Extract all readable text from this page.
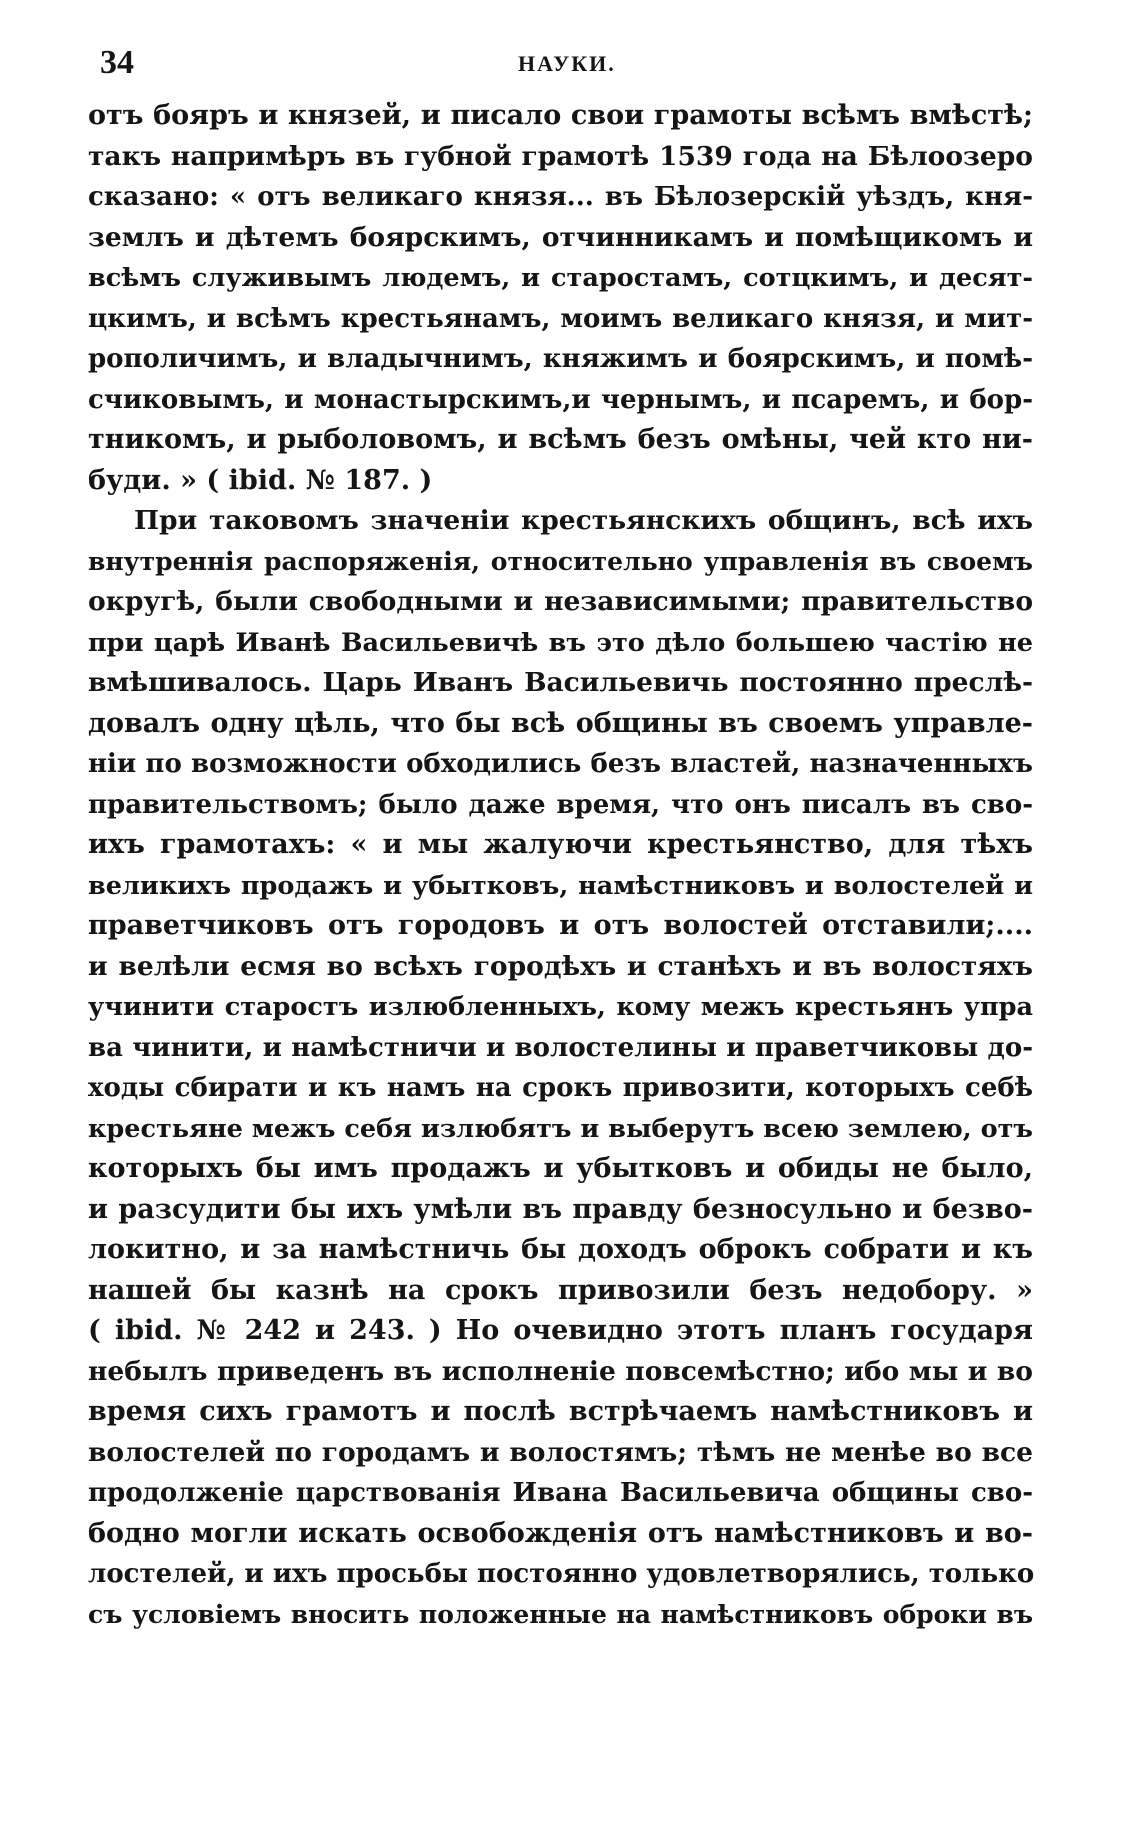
34	НАУКИ.
отъ бояръ и князей, и писало свои грамоты всѣмъ вмѣстѣ;
такъ напримѣръ въ губной грамотѣ 1539 года на Бѣлоозеро
сказано: « отъ великаго князя... въ Бѣлозерскій уѣздъ, кня-
землъ и дѣтемъ боярскимъ, отчинникамъ и помѣщикомъ и
всѣмъ служивымъ людемъ, и старостамъ, сотцкимъ, и десят-
цкимъ, и всѣмъ крестьянамъ, моимъ великаго князя, и мит-
рополичимъ, и владычнимъ, княжимъ и боярскимъ, и помѣ-
счиковымъ, и монастырскимъ,и чернымъ, и псаремъ, и бор-
тникомъ, и рыболовомъ, и всѣмъ безъ омѣны, чей кто ни-
буди. » ( ibid. № 187. )
При таковомъ значеніи крестьянскихъ общинъ, всѣ ихъ
внутреннія распоряженія, относительно управленія въ своемъ
округѣ, были свободными и независимыми; правительство
при царѣ Иванѣ Васильевичѣ въ это дѣло большею частію не
вмѣшивалось. Царь Иванъ Васильевичь постоянно преслѣ-
довалъ одну цѣль, что бы всѣ общины въ своемъ управле-
ніи по возможности обходились безъ властей, назначенныхъ
правительствомъ; было даже время, что онъ писалъ въ сво-
ихъ грамотахъ: « и мы жалуючи крестьянство, для тѣхъ
великихъ продажъ и убытковъ, намѣстниковъ и волостелей и
праветчиковъ отъ городовъ и отъ волостей отставили;....
и велѣли есмя во всѣхъ городѣхъ и станѣхъ и въ волостяхъ
учинити старостъ излюбленныхъ, кому межъ крестьянъ упра
ва чинити, и намѣстничи и волостелины и праветчиковы до-
ходы сбирати и къ намъ на срокъ привозити, которыхъ себѣ
крестьяне межъ себя излюбятъ и выберутъ всею землею, отъ
которыхъ бы имъ продажъ и убытковъ и обиды не было,
и разсудити бы ихъ умѣли въ правду безносульно и безво-
локитно, и за намѣстничь бы доходъ оброкъ собрати и къ
нашей бы казнѣ на срокъ привозили безъ недобору. »
( ibid. № 242 и 243. ) Но очевидно этотъ планъ государя
небылъ приведенъ въ исполненіе повсемѣстно; ибо мы и во
время сихъ грамотъ и послѣ встрѣчаемъ намѣстниковъ и
волостелей по городамъ и волостямъ; тѣмъ не менѣе во все
продолженіе царствованія Ивана Васильевича общины сво-
бодно могли искать освобожденія отъ намѣстниковъ и во-
лостелей, и ихъ просьбы постоянно удовлетворялись, только
съ условіемъ вносить положенные на намѣстниковъ оброки въ
